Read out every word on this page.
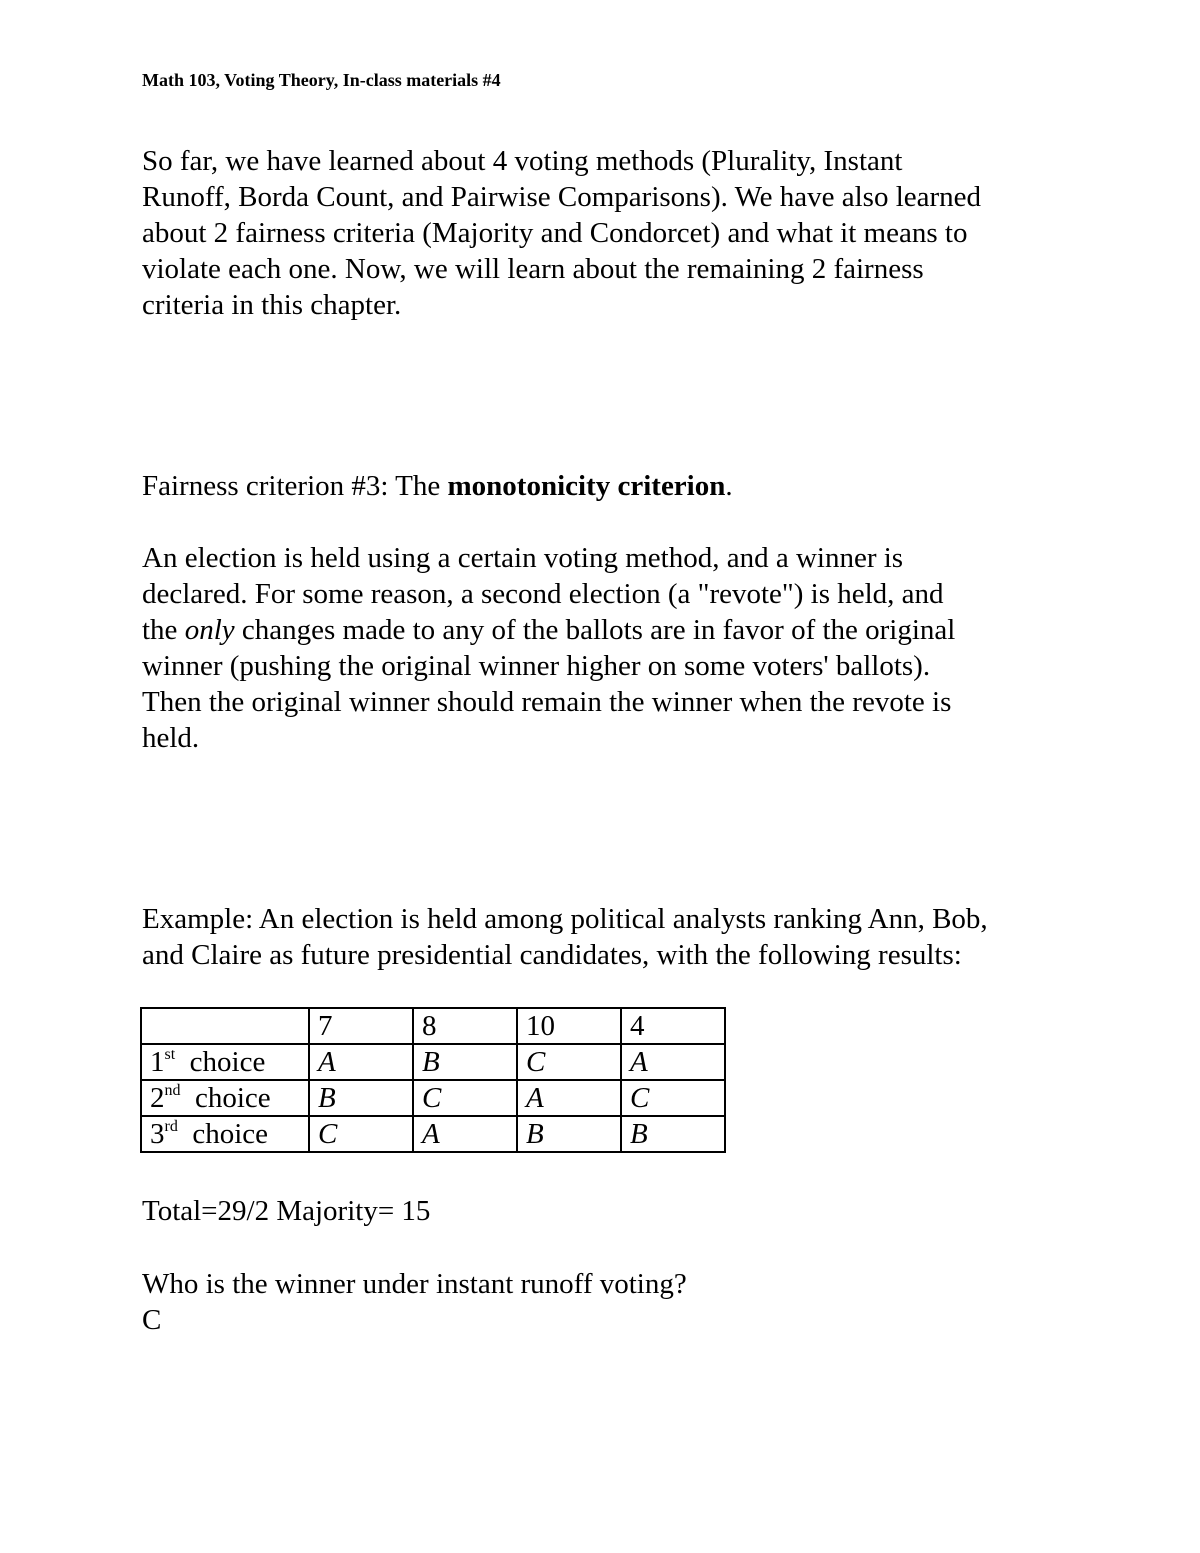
Math 103, Voting Theory, In-class materials #4

So far, we have learned about 4 voting methods (Plurality, Instant

Runoff, Borda Count, and Pairwise Comparisons). We have also learned

about 2 fairness criteria (Majority and Condorcet) and what it means to

violate each one. Now, we will learn about the remaining 2 fairness

criteria in this chapter.

Fairness criterion #3: The monotonicity criterion.

An election is held using a certain voting method, and a winner is

declared. For some reason, a second election (a "revote") is held, and

the only changes made to any of the ballots are in favor of the original

winner (pushing the original winner higher on some voters' ballots).

Then the original winner should remain the winner when the revote is

held.

Example: An election is held among political analysts ranking Ann, Bob,

and Claire as future presidential candidates, with the following results:

	7	8	10	4
1st choice	A	B	C	A
2nd choice	B	C	A	C
3rd choice	C	A	B	B

Total=29/2 Majority= 15

Who is the winner under instant runoff voting?

C
